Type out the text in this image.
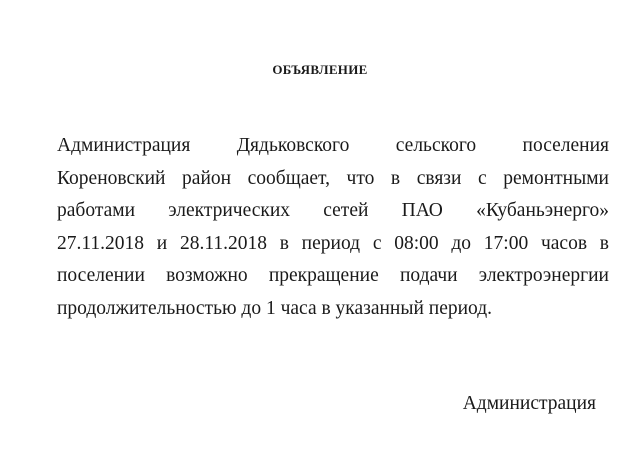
ОБЪЯВЛЕНИЕ
Администрация Дядьковского сельского поселения
Кореновский район сообщает, что в связи с ремонтными
работами электрических сетей ПАО «Кубаньэнерго»
27.11.2018 и 28.11.2018 в период с 08:00 до 17:00 часов в
поселении возможно прекращение подачи электроэнергии
продолжительностью до 1 часа в указанный период.

Администрация
